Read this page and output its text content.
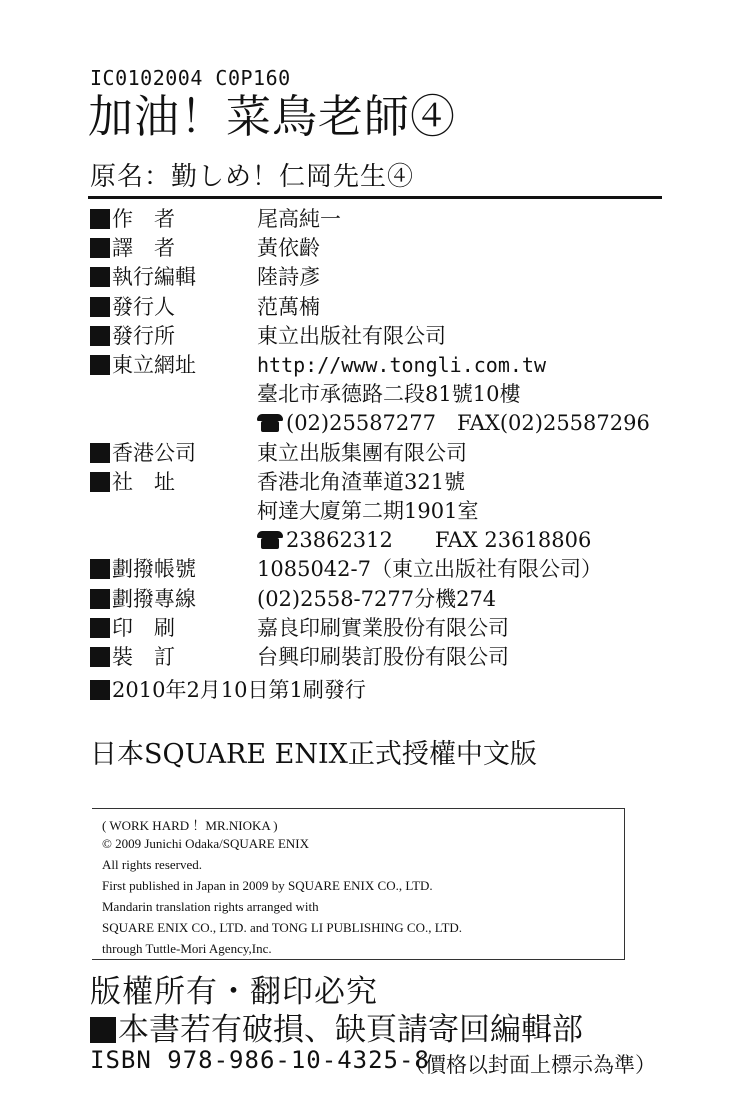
IC0102004 C0P160
加油！菜鳥老師④
原名：勤しめ！仁岡先生④
作　者	尾高純一
譯　者	黃依齡
執行編輯	陸詩彥
發行人	范萬楠
發行所	東立出版社有限公司
東立網址	http://www.tongli.com.tw
臺北市承德路二段81號10樓
(02)25587277　FAX(02)25587296
香港公司	東立出版集團有限公司
社　址	香港北角渣華道321號
柯達大廈第二期1901室
23862312　　FAX 23618806
劃撥帳號	1085042-7（東立出版社有限公司）
劃撥專線	(02)2558-7277分機274
印　刷	嘉良印刷實業股份有限公司
裝　訂	台興印刷裝訂股份有限公司
2010年2月10日第1刷發行
日本SQUARE ENIX正式授權中文版
( WORK HARD ！MR.NIOKA )
© 2009 Junichi Odaka/SQUARE ENIX
All rights reserved.
First published in Japan in 2009 by SQUARE ENIX CO., LTD.
Mandarin translation rights arranged with
SQUARE ENIX CO., LTD. and TONG LI PUBLISHING CO., LTD.
through Tuttle-Mori Agency,Inc.
版權所有・翻印必究
本書若有破損、缺頁請寄回編輯部
ISBN 978-986-10-4325-8
（價格以封面上標示為準）
